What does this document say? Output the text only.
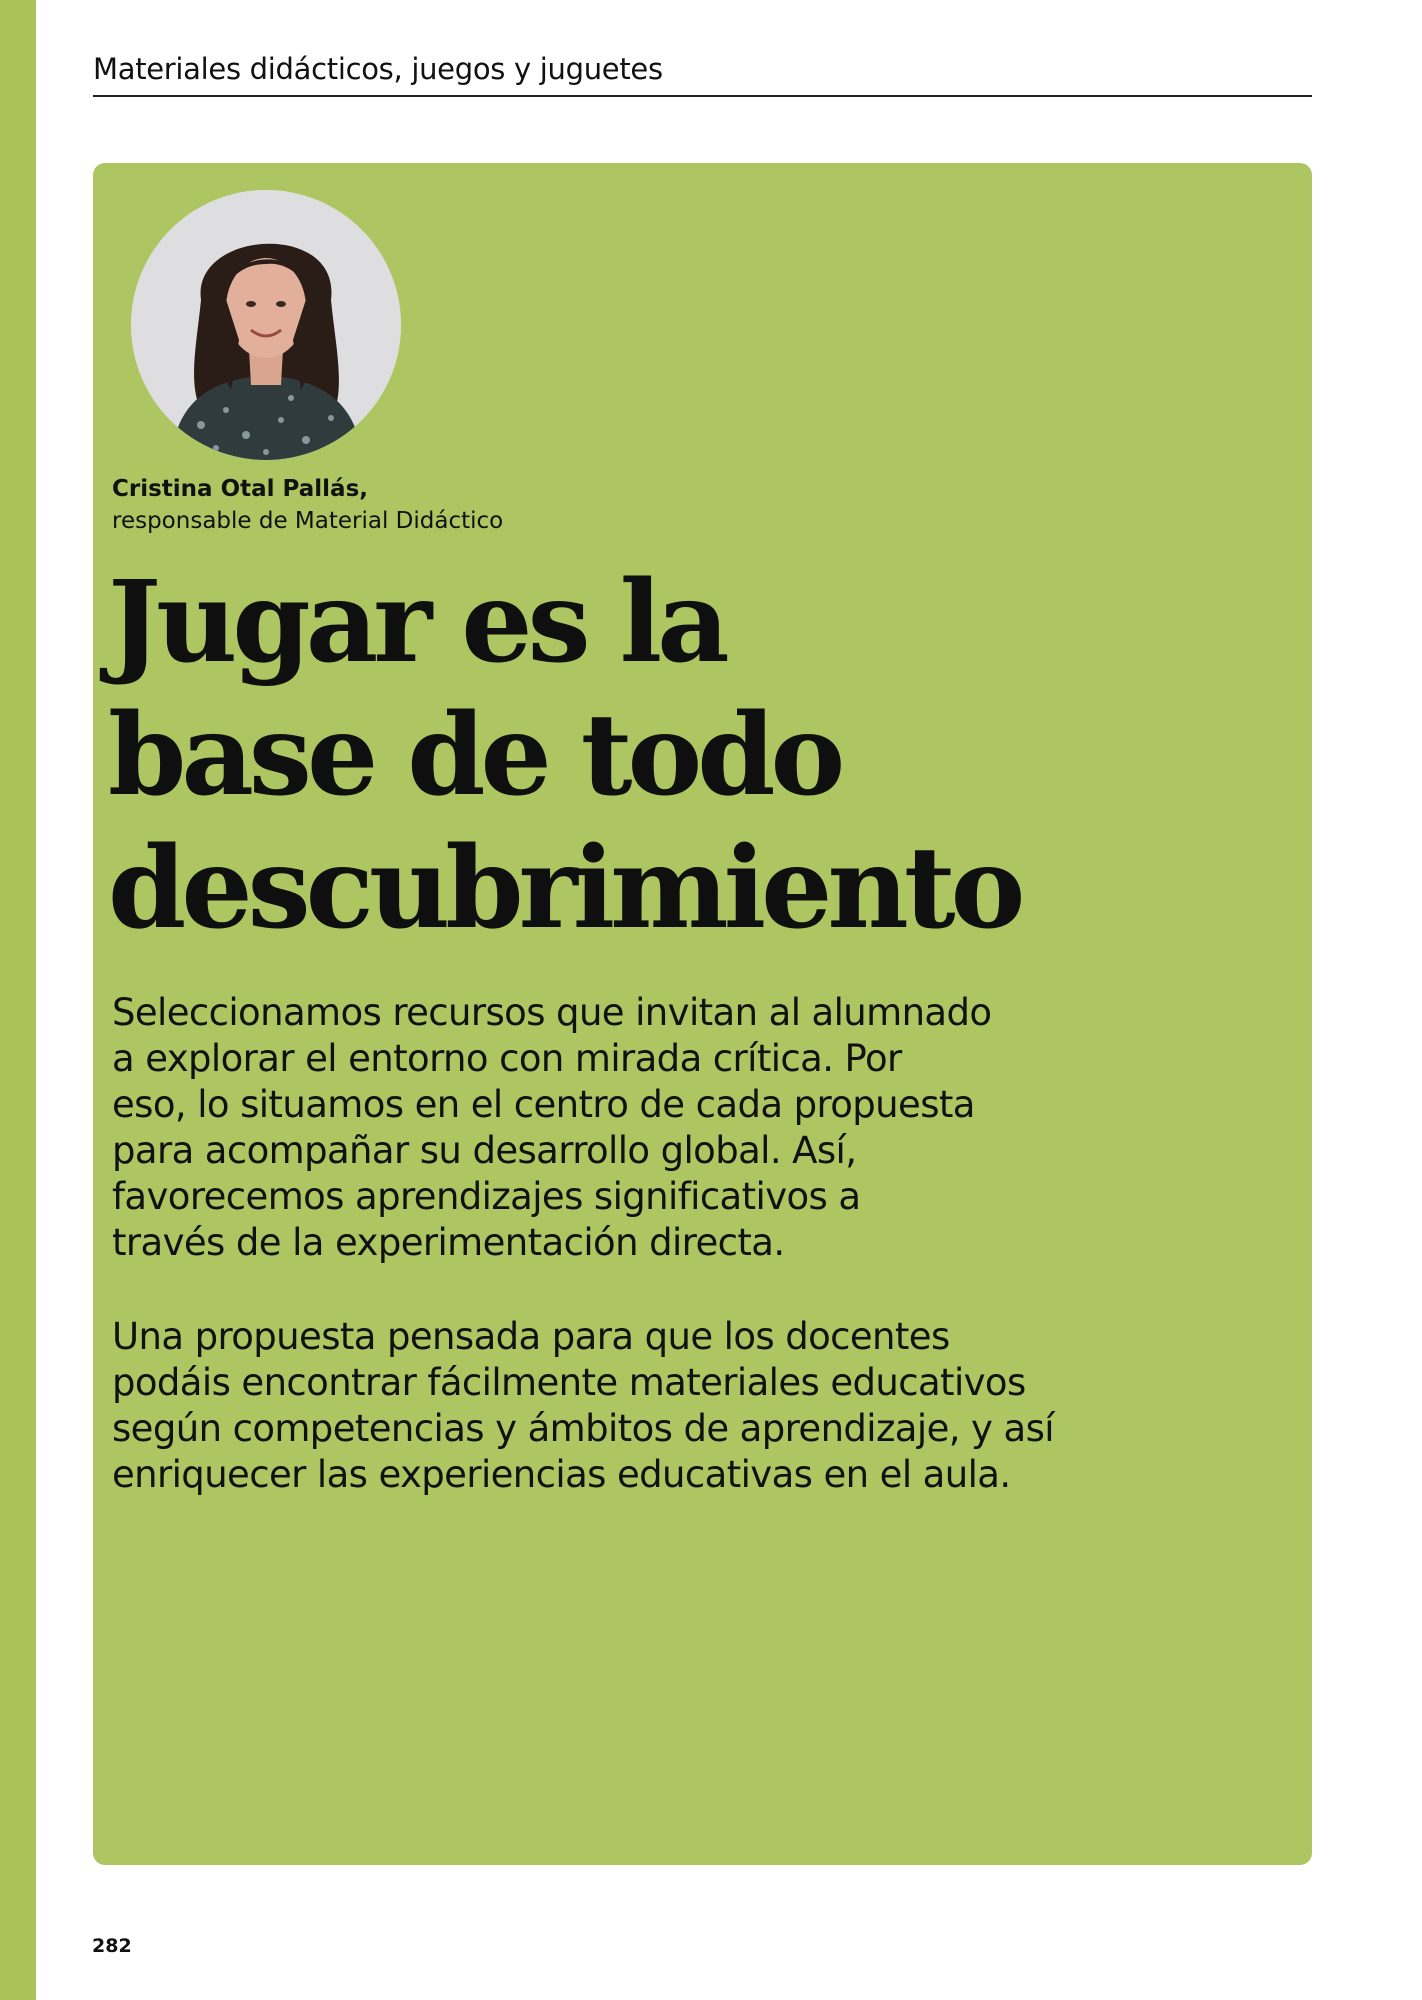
Materiales didácticos, juegos y juguetes
Cristina Otal Pallás,
responsable de Material Didáctico
Jugar es la
base de todo
descubrimiento

Seleccionamos recursos que invitan al alumnado
a explorar el entorno con mirada crítica. Por
eso, lo situamos en el centro de cada propuesta
para acompañar su desarrollo global. Así,
favorecemos aprendizajes significativos a
través de la experimentación directa.

Una propuesta pensada para que los docentes
podáis encontrar fácilmente materiales educativos
según competencias y ámbitos de aprendizaje, y así
enriquecer las experiencias educativas en el aula.

282
